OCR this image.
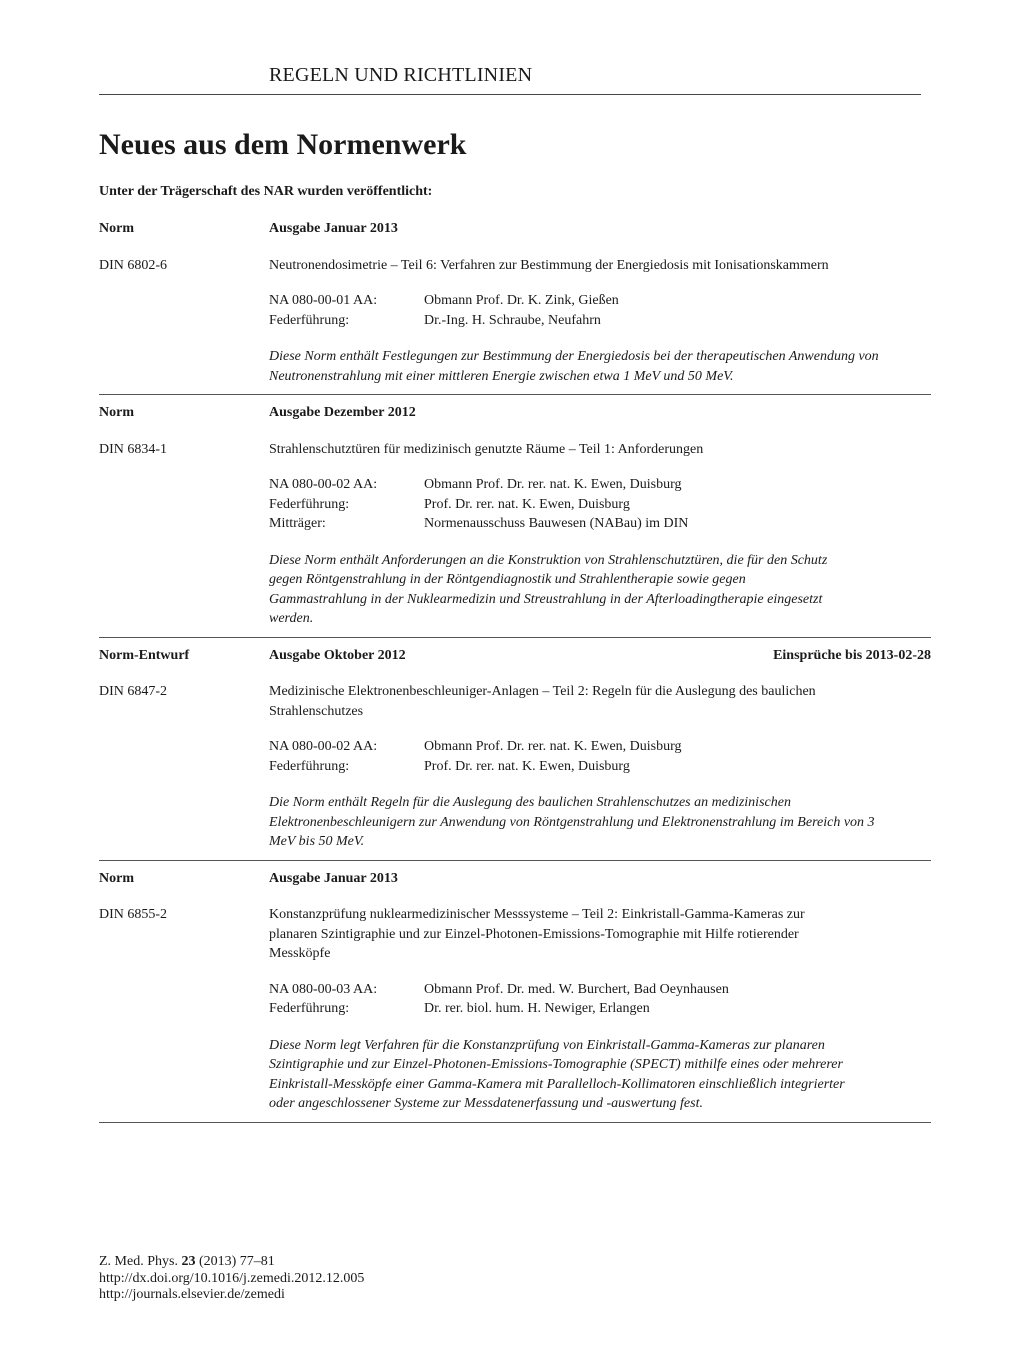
REGELN UND RICHTLINIEN
Neues aus dem Normenwerk
Unter der Trägerschaft des NAR wurden veröffentlicht:
Norm	Ausgabe Januar 2013
DIN 6802-6	Neutronendosimetrie – Teil 6: Verfahren zur Bestimmung der Energiedosis mit Ionisationskammern
NA 080-00-01 AA:	Obmann Prof. Dr. K. Zink, Gießen
Federführung:	Dr.-Ing. H. Schraube, Neufahrn
Diese Norm enthält Festlegungen zur Bestimmung der Energiedosis bei der therapeutischen Anwendung von Neutronenstrahlung mit einer mittleren Energie zwischen etwa 1 MeV und 50 MeV.
Norm	Ausgabe Dezember 2012
DIN 6834-1	Strahlenschutztüren für medizinisch genutzte Räume – Teil 1: Anforderungen
NA 080-00-02 AA:	Obmann Prof. Dr. rer. nat. K. Ewen, Duisburg
Federführung:	Prof. Dr. rer. nat. K. Ewen, Duisburg
Mitträger:	Normenausschuss Bauwesen (NABau) im DIN
Diese Norm enthält Anforderungen an die Konstruktion von Strahlenschutztüren, die für den Schutz gegen Röntgenstrahlung in der Röntgendiagnostik und Strahlentherapie sowie gegen Gammastrahlung in der Nuklearmedizin und Streustrahlung in der Afterloadingtherapie eingesetzt werden.
Norm-Entwurf	Ausgabe Oktober 2012	Einsprüche bis 2013-02-28
DIN 6847-2	Medizinische Elektronenbeschleuniger-Anlagen – Teil 2: Regeln für die Auslegung des baulichen Strahlenschutzes
NA 080-00-02 AA:	Obmann Prof. Dr. rer. nat. K. Ewen, Duisburg
Federführung:	Prof. Dr. rer. nat. K. Ewen, Duisburg
Die Norm enthält Regeln für die Auslegung des baulichen Strahlenschutzes an medizinischen Elektronenbeschleunigern zur Anwendung von Röntgenstrahlung und Elektronenstrahlung im Bereich von 3 MeV bis 50 MeV.
Norm	Ausgabe Januar 2013
DIN 6855-2	Konstanzprüfung nuklearmedizinischer Messsysteme – Teil 2: Einkristall-Gamma-Kameras zur planaren Szintigraphie und zur Einzel-Photonen-Emissions-Tomographie mit Hilfe rotierender Messköpfe
NA 080-00-03 AA:	Obmann Prof. Dr. med. W. Burchert, Bad Oeynhausen
Federführung:	Dr. rer. biol. hum. H. Newiger, Erlangen
Diese Norm legt Verfahren für die Konstanzprüfung von Einkristall-Gamma-Kameras zur planaren Szintigraphie und zur Einzel-Photonen-Emissions-Tomographie (SPECT) mithilfe eines oder mehrerer Einkristall-Messköpfe einer Gamma-Kamera mit Parallelloch-Kollimatoren einschließlich integrierter oder angeschlossener Systeme zur Messdatenerfassung und -auswertung fest.
Z. Med. Phys. 23 (2013) 77–81
http://dx.doi.org/10.1016/j.zemedi.2012.12.005
http://journals.elsevier.de/zemedi
